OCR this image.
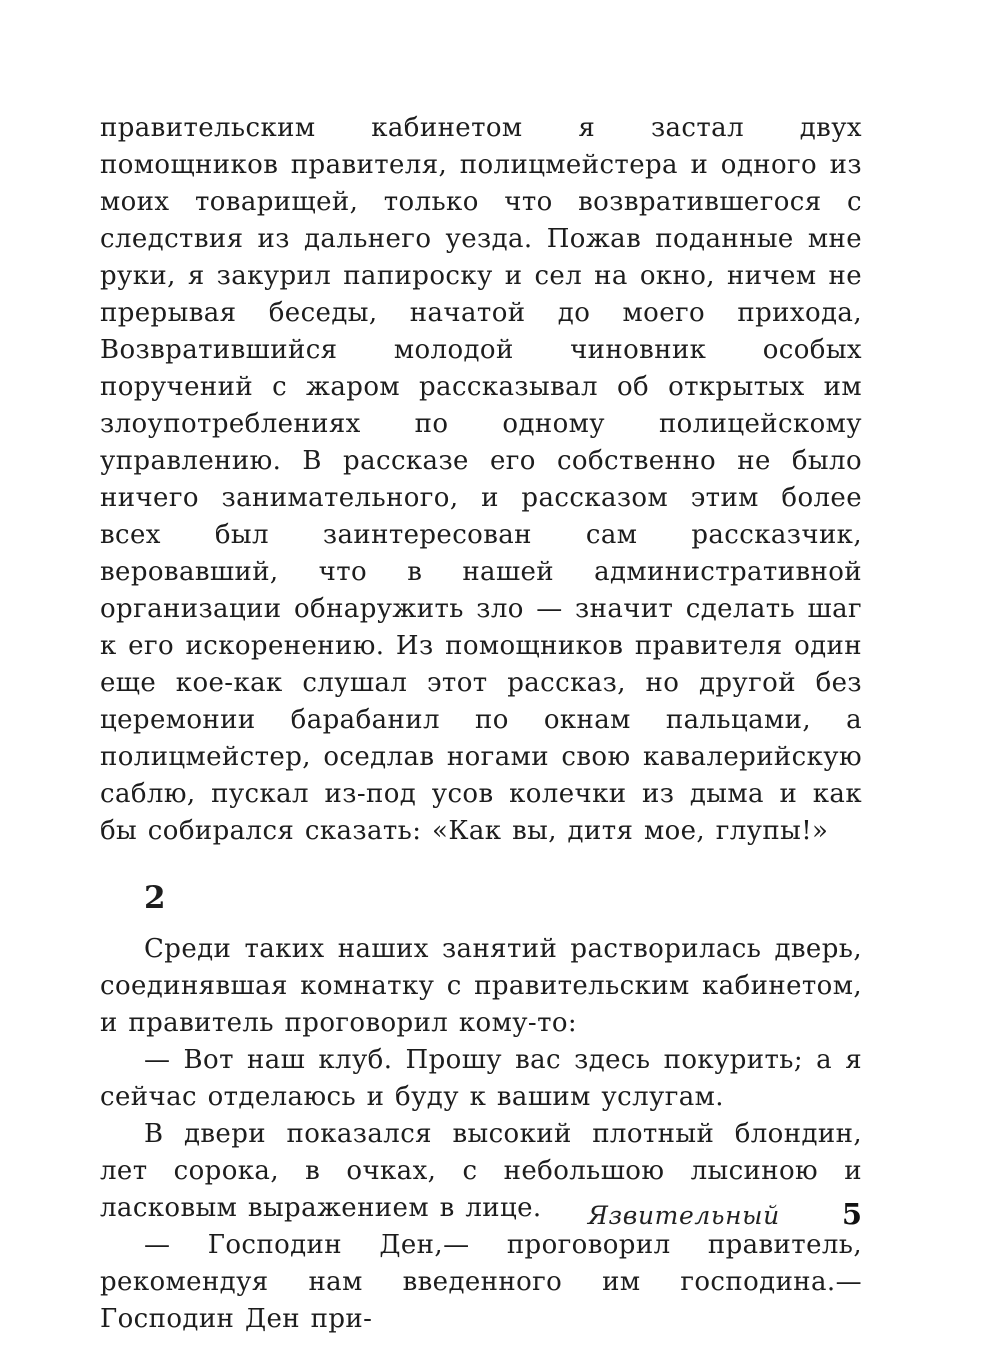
правительским кабинетом я застал двух помощников правителя, полицмейстера и одного из моих товарищей, только что возвратившегося с следствия из дальнего уезда. Пожав поданные мне руки, я закурил папироску и сел на окно, ничем не прерывая беседы, начатой до моего прихода, Возвратившийся молодой чиновник особых поручений с жаром рассказывал об открытых им злоупотреблениях по одному полицейскому управлению. В рассказе его собственно не было ничего занимательного, и рассказом этим более всех был заинтересован сам рассказчик, веровавший, что в нашей административной организации обнаружить зло — значит сделать шаг к его искоренению. Из помощников правителя один еще кое-как слушал этот рассказ, но другой без церемонии барабанил по окнам пальцами, а полицмейстер, оседлав ногами свою кавалерийскую саблю, пускал из-под усов колечки из дыма и как бы собирался сказать: «Как вы, дитя мое, глупы!»

2

Среди таких наших занятий растворилась дверь, соединявшая комнатку с правительским кабинетом, и правитель проговорил кому-то:

— Вот наш клуб. Прошу вас здесь покурить; а я сейчас отделаюсь и буду к вашим услугам.

В двери показался высокий плотный блондин, лет сорока, в очках, с небольшою лысиною и ласковым выражением в лице.

— Господин Ден,— проговорил правитель, рекомендуя нам введенного им господина.— Господин Ден при-

Язвительный 5
